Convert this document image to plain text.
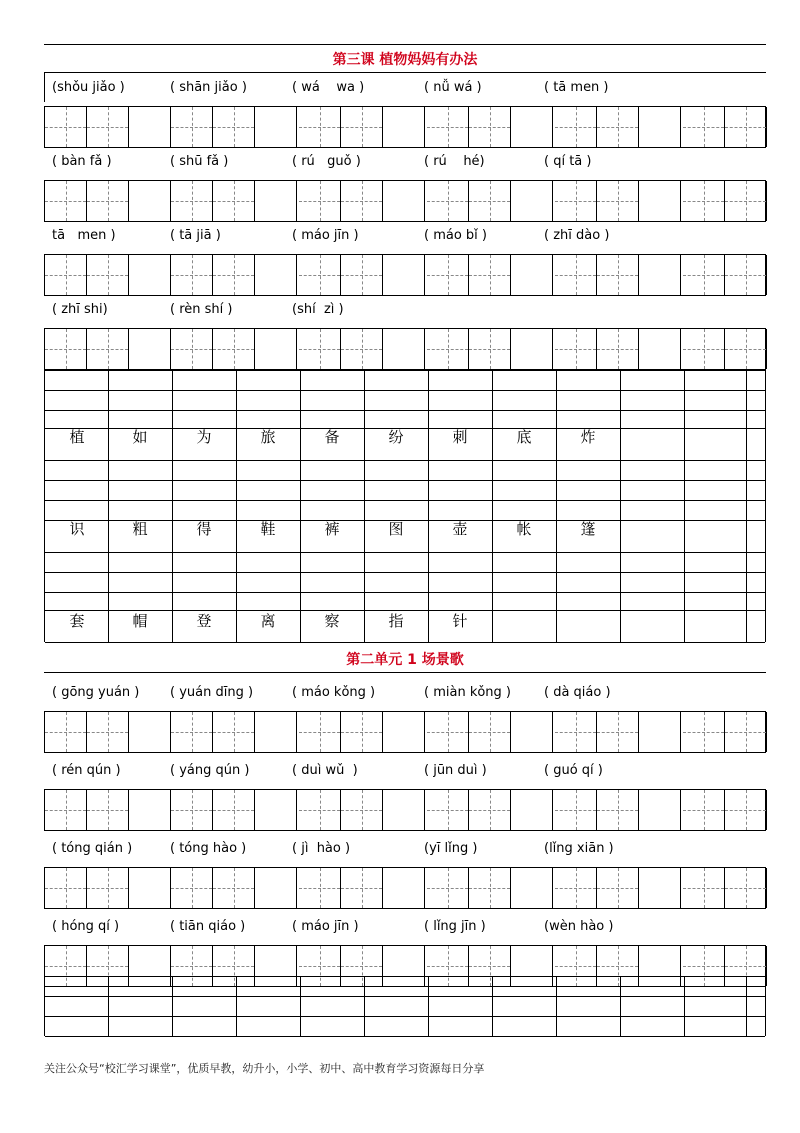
第三课 植物妈妈有办法
(shǒu jiǎo )	( shān jiǎo )	( wá    wa )	( nǚ wá )	( tā men )
( bàn fǎ )	( shū fǎ )	( rú   guǒ )	( rú    hé)	( qí tā )
tā   men )	( tā jiā )	( máo jīn )	( máo bǐ )	( zhī dào )
( zhī shi)	( rèn shí )	(shí  zì )
植	如	为	旅	备	纷	刺	底	炸
识	粗	得	鞋	裤	图	壶	帐	篷
套	帽	登	离	察	指	针
第二单元 1 场景歌
( gōng yuán ) ( yuán dīng )	( máo kǒng )	( miàn kǒng )	( dà qiáo )
( rén qún )	( yáng qún )	( duì wǔ  )	( jūn duì )	( guó qí )
( tóng qián )	( tóng hào )	( jì  hào )	(yī lǐng )	(lǐng xiān )
( hóng qí )	( tiān qiáo )	( máo jīn )	( lǐng jīn )	(wèn hào )
关注公众号“校汇学习课堂”，优质早教，幼升小，小学、初中、高中教育学习资源每日分享
